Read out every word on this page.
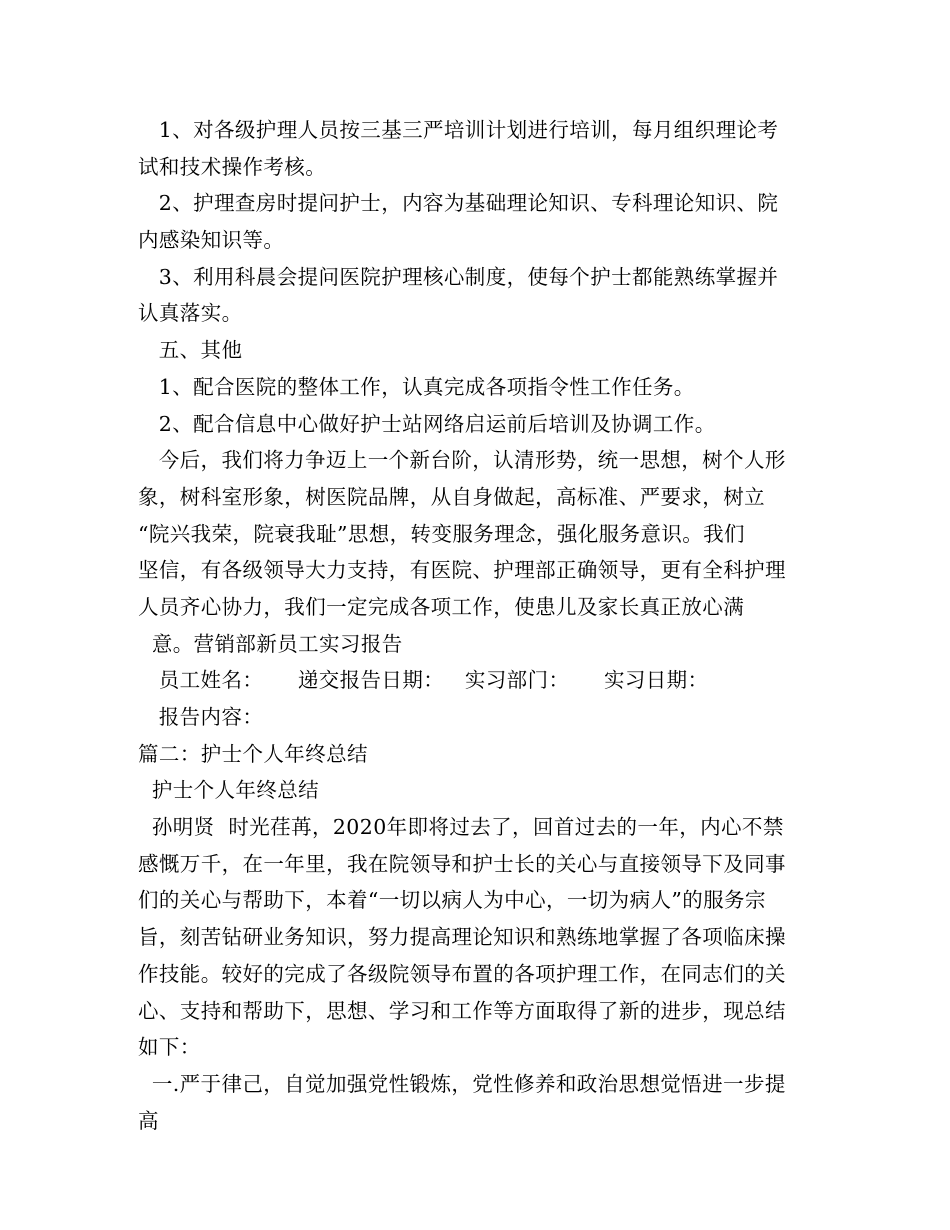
1、对各级护理人员按三基三严培训计划进行培训，每月组织理论考
试和技术操作考核。
2、护理查房时提问护士，内容为基础理论知识、专科理论知识、院
内感染知识等。
3、利用科晨会提问医院护理核心制度，使每个护士都能熟练掌握并
认真落实。
五、其他
1、配合医院的整体工作，认真完成各项指令性工作任务。
2、配合信息中心做好护士站网络启运前后培训及协调工作。
今后，我们将力争迈上一个新台阶，认清形势，统一思想，树个人形
象，树科室形象，树医院品牌，从自身做起，高标准、严要求，树立
“院兴我荣，院衰我耻”思想，转变服务理念，强化服务意识。我们
坚信，有各级领导大力支持，有医院、护理部正确领导，更有全科护理
人员齐心协力，我们一定完成各项工作，使患儿及家长真正放心满
意。营销部新员工实习报告
员工姓名：     递交报告日期：   实习部门：     实习日期：
报告内容：
篇二：护士个人年终总结
护士个人年终总结
孙明贤  时光荏苒，2020年即将过去了，回首过去的一年，内心不禁
感慨万千，在一年里，我在院领导和护士长的关心与直接领导下及同事
们的关心与帮助下，本着“一切以病人为中心，一切为病人”的服务宗
旨，刻苦钻研业务知识，努力提高理论知识和熟练地掌握了各项临床操
作技能。较好的完成了各级院领导布置的各项护理工作，在同志们的关
心、支持和帮助下，思想、学习和工作等方面取得了新的进步，现总结
如下：
一.严于律己，自觉加强党性锻炼，党性修养和政治思想觉悟进一步提
高
